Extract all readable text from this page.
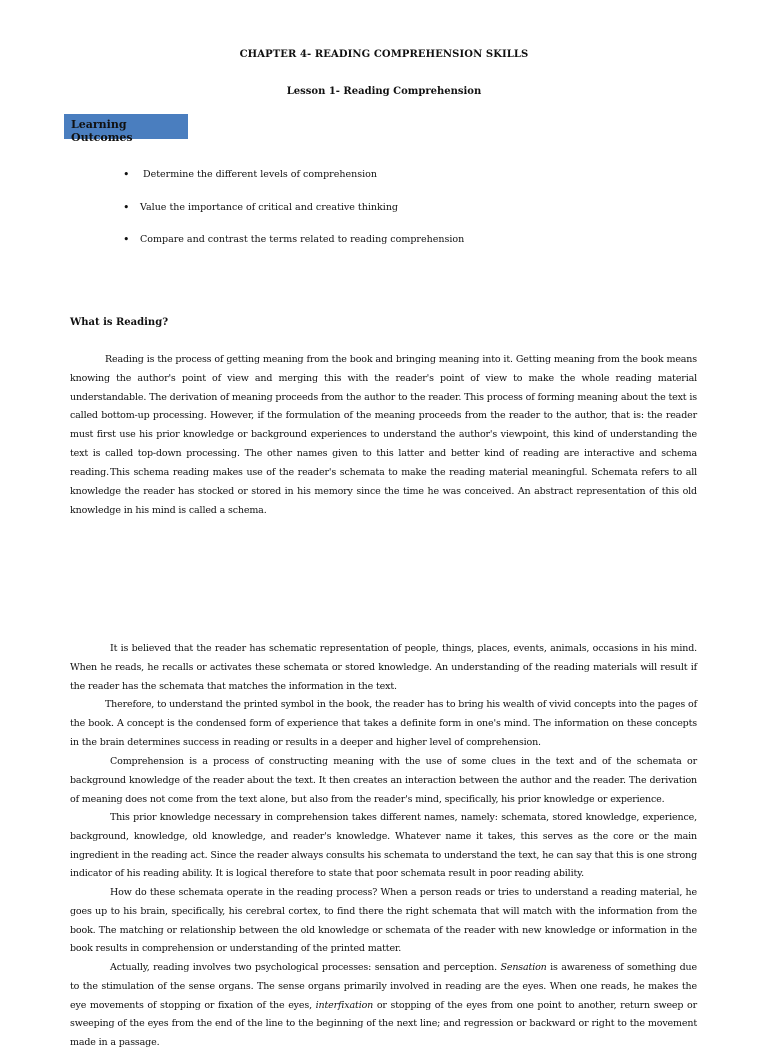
CHAPTER 4- READING COMPREHENSION SKILLS
Lesson 1- Reading Comprehension
Learning Outcomes
• Determine the different levels of comprehension
• Value the importance of critical and creative thinking
• Compare and contrast the terms related to reading comprehension
What is Reading?

Reading is the process of getting meaning from the book and bringing meaning into it. Getting meaning from the book means knowing the author's point of view and merging this with the reader's point of view to make the whole reading material understandable. The derivation of meaning proceeds from the author to the reader. This process of forming meaning about the text is called bottom-up processing. However, if the formulation of the meaning proceeds from the reader to the author, that is: the reader must first use his prior knowledge or background experiences to understand the author's viewpoint, this kind of understanding the text is called top-down processing. The other names given to this latter and better kind of reading are interactive and schema reading. This schema reading makes use of the reader's schemata to make the reading material meaningful. Schemata refers to all knowledge the reader has stocked or stored in his memory since the time he was conceived. An abstract representation of this old knowledge in his mind is called a schema.

It is believed that the reader has schematic representation of people, things, places, events, animals, occasions in his mind. When he reads, he recalls or activates these schemata or stored knowledge. An understanding of the reading materials will result if the reader has the schemata that matches the information in the text.

Therefore, to understand the printed symbol in the book, the reader has to bring his wealth of vivid concepts into the pages of the book. A concept is the condensed form of experience that takes a definite form in one's mind. The information on these concepts in the brain determines success in reading or results in a deeper and higher level of comprehension.

Comprehension is a process of constructing meaning with the use of some clues in the text and of the schemata or background knowledge of the reader about the text. It then creates an interaction between the author and the reader. The derivation of meaning does not come from the text alone, but also from the reader's mind, specifically, his prior knowledge or experience.

This prior knowledge necessary in comprehension takes different names, namely: schemata, stored knowledge, experience, background, knowledge, old knowledge, and reader's knowledge. Whatever name it takes, this serves as the core or the main ingredient in the reading act. Since the reader always consults his schemata to understand the text, he can say that this is one strong indicator of his reading ability. It is logical therefore to state that poor schemata result in poor reading ability.

How do these schemata operate in the reading process? When a person reads or tries to understand a reading material, he goes up to his brain, specifically, his cerebral cortex, to find there the right schemata that will match with the information from the book. The matching or relationship between the old knowledge or schemata of the reader with new knowledge or information in the book results in comprehension or understanding of the printed matter.

Actually, reading involves two psychological processes: sensation and perception. Sensation is awareness of something due to the stimulation of the sense organs. The sense organs primarily involved in reading are the eyes. When one reads, he makes the eye movements of stopping or fixation of the eyes, interfixation or stopping of the eyes from one point to another, return sweep or sweeping of the eyes from the end of the line to the beginning of the next line; and regression or backward or right to the movement made in a passage.
